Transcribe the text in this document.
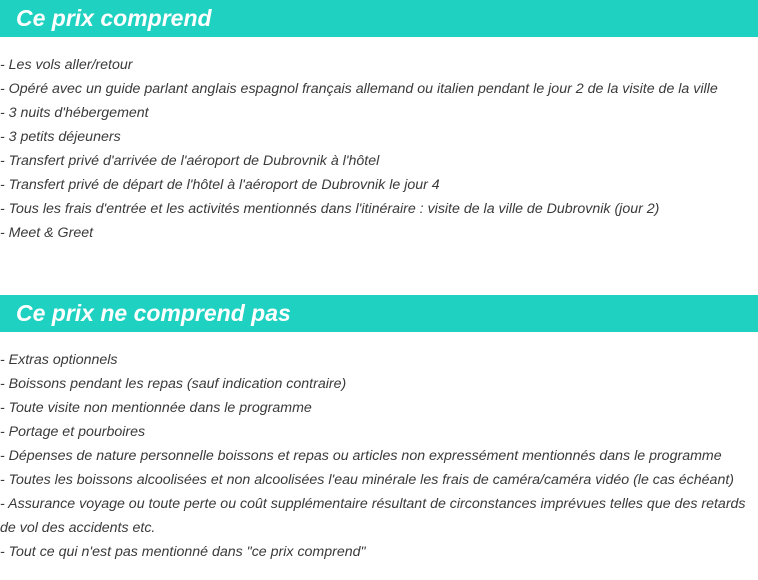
Ce prix comprend
- Les vols aller/retour
- Opéré avec un guide parlant anglais espagnol français allemand ou italien pendant le jour 2 de la visite de la ville
- 3 nuits d'hébergement
- 3 petits déjeuners
- Transfert privé d'arrivée de l'aéroport de Dubrovnik à l'hôtel
- Transfert privé de départ de l'hôtel à l'aéroport de Dubrovnik le jour 4
- Tous les frais d'entrée et les activités mentionnés dans l'itinéraire : visite de la ville de Dubrovnik (jour 2)
- Meet & Greet
Ce prix ne comprend pas
- Extras optionnels
- Boissons pendant les repas (sauf indication contraire)
- Toute visite non mentionnée dans le programme
- Portage et pourboires
- Dépenses de nature personnelle boissons et repas ou articles non expressément mentionnés dans le programme
- Toutes les boissons alcoolisées et non alcoolisées l'eau minérale les frais de caméra/caméra vidéo (le cas échéant)
- Assurance voyage ou toute perte ou coût supplémentaire résultant de circonstances imprévues telles que des retards de vol des accidents etc.
- Tout ce qui n'est pas mentionné dans "ce prix comprend"
